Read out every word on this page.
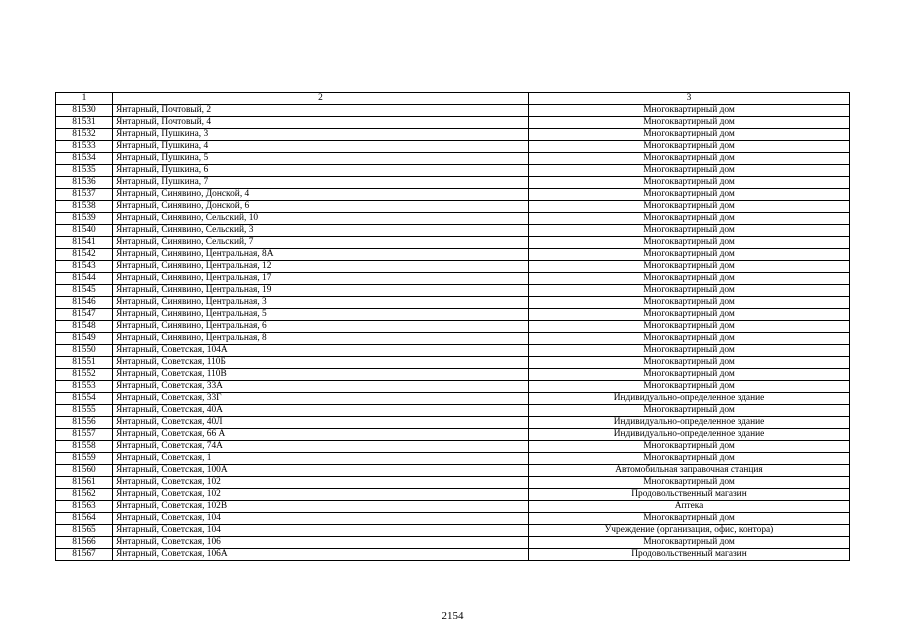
1	2	3
81530	Янтарный, Почтовый, 2	Многоквартирный дом
81531	Янтарный, Почтовый, 4	Многоквартирный дом
81532	Янтарный, Пушкина, 3	Многоквартирный дом
81533	Янтарный, Пушкина, 4	Многоквартирный дом
81534	Янтарный, Пушкина, 5	Многоквартирный дом
81535	Янтарный, Пушкина, 6	Многоквартирный дом
81536	Янтарный, Пушкина, 7	Многоквартирный дом
81537	Янтарный, Синявино, Донской, 4	Многоквартирный дом
81538	Янтарный, Синявино, Донской, 6	Многоквартирный дом
81539	Янтарный, Синявино, Сельский, 10	Многоквартирный дом
81540	Янтарный, Синявино, Сельский, 3	Многоквартирный дом
81541	Янтарный, Синявино, Сельский, 7	Многоквартирный дом
81542	Янтарный, Синявино, Центральная, 8А	Многоквартирный дом
81543	Янтарный, Синявино, Центральная, 12	Многоквартирный дом
81544	Янтарный, Синявино, Центральная, 17	Многоквартирный дом
81545	Янтарный, Синявино, Центральная, 19	Многоквартирный дом
81546	Янтарный, Синявино, Центральная, 3	Многоквартирный дом
81547	Янтарный, Синявино, Центральная, 5	Многоквартирный дом
81548	Янтарный, Синявино, Центральная, 6	Многоквартирный дом
81549	Янтарный, Синявино, Центральная, 8	Многоквартирный дом
81550	Янтарный, Советская, 104А	Многоквартирный дом
81551	Янтарный, Советская, 110Б	Многоквартирный дом
81552	Янтарный, Советская, 110В	Многоквартирный дом
81553	Янтарный, Советская, 33А	Многоквартирный дом
81554	Янтарный, Советская, 33Г	Индивидуально-определенное здание
81555	Янтарный, Советская, 40А	Многоквартирный дом
81556	Янтарный, Советская, 40Л	Индивидуально-определенное здание
81557	Янтарный, Советская, 66 А	Индивидуально-определенное здание
81558	Янтарный, Советская, 74А	Многоквартирный дом
81559	Янтарный, Советская, 1	Многоквартирный дом
81560	Янтарный, Советская, 100А	Автомобильная заправочная станция
81561	Янтарный, Советская, 102	Многоквартирный дом
81562	Янтарный, Советская, 102	Продовольственный магазин
81563	Янтарный, Советская, 102В	Аптека
81564	Янтарный, Советская, 104	Многоквартирный дом
81565	Янтарный, Советская, 104	Учреждение (организация, офис, контора)
81566	Янтарный, Советская, 106	Многоквартирный дом
81567	Янтарный, Советская, 106А	Продовольственный магазин
2154
